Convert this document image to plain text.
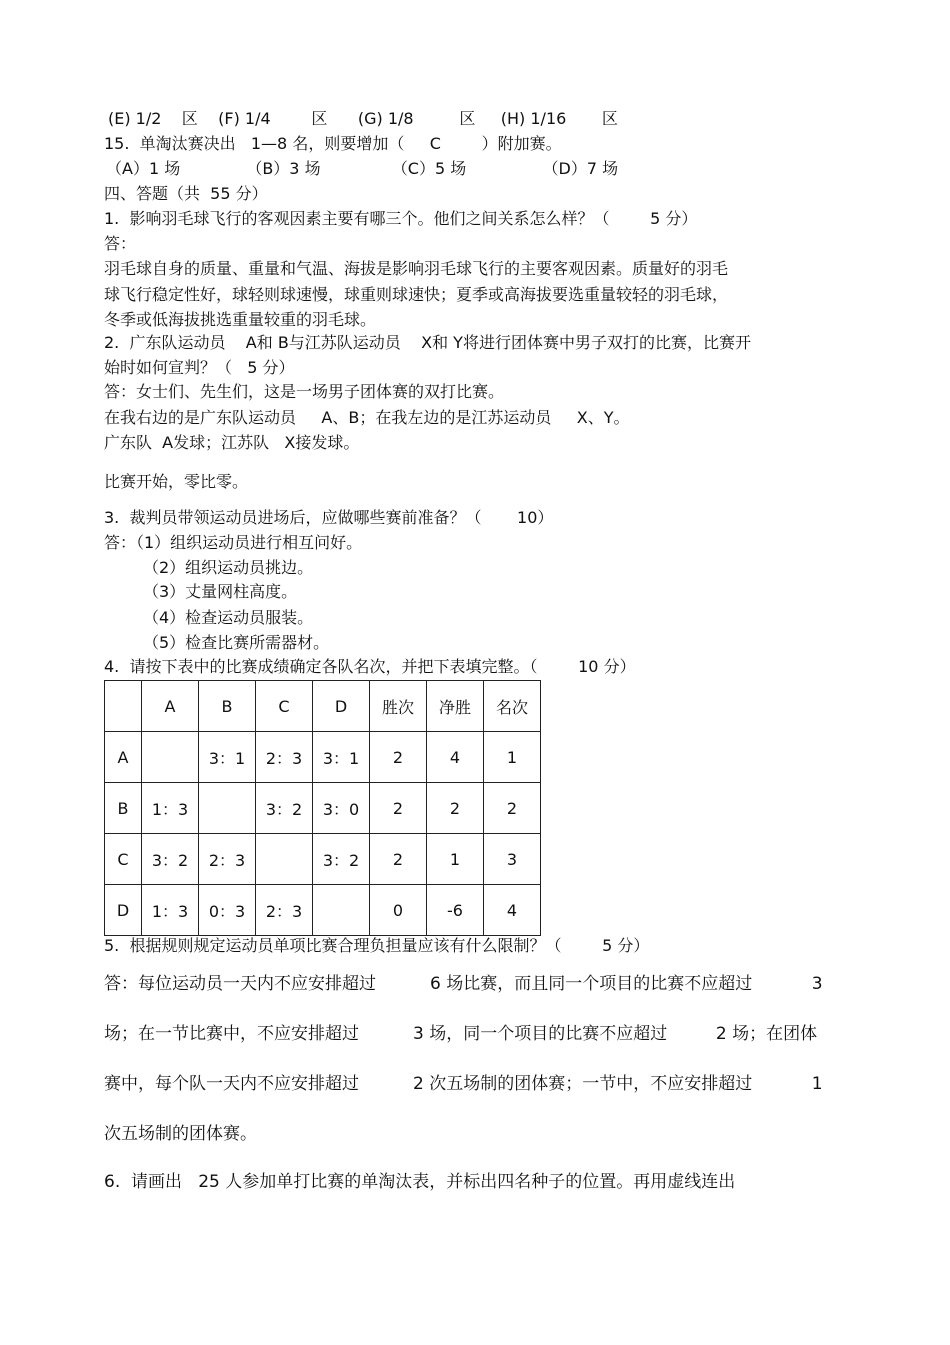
(E) 1/2    区    (F) 1/4        区      (G) 1/8         区     (H) 1/16       区
15.  单淘汰赛决出   1—8 名，则要增加（     C        ）附加赛。
（A）1 场             （B）3 场              （C）5 场               （D）7 场
四、答题（共  55 分）
1.  影响羽毛球飞行的客观因素主要有哪三个。他们之间关系怎么样？（        5 分）
答：
羽毛球自身的质量、重量和气温、海拔是影响羽毛球飞行的主要客观因素。质量好的羽毛
球飞行稳定性好，球轻则球速慢，球重则球速快；夏季或高海拔要选重量较轻的羽毛球，
冬季或低海拔挑选重量较重的羽毛球。
2.  广东队运动员    A和 B与江苏队运动员    X和 Y将进行团体赛中男子双打的比赛，比赛开
始时如何宣判？（   5 分）
答：女士们、先生们，这是一场男子团体赛的双打比赛。
在我右边的是广东队运动员     A、B；在我左边的是江苏运动员     X、Y。
广东队  A发球；江苏队   X接发球。
比赛开始，零比零。
3.  裁判员带领运动员进场后，应做哪些赛前准备？（       10）
答：（1）组织运动员进行相互问好。
（2）组织运动员挑边。
（3）丈量网柱高度。
（4）检查运动员服装。
（5）检查比赛所需器材。
4.  请按下表中的比赛成绩确定各队名次，并把下表填完整。（        10 分）
	A	B	C	D	胜次	净胜	名次
A		3：1	2：3	3：1	2	4	1
B	1：3		3：2	3：0	2	2	2
C	3：2	2：3		3：2	2	1	3
D	1：3	0：3	2：3		0	-6	4
5.  根据规则规定运动员单项比赛合理负担量应该有什么限制？（        5 分）
答：每位运动员一天内不应安排超过          6 场比赛，而且同一个项目的比赛不应超过           3
场；在一节比赛中，不应安排超过          3 场，同一个项目的比赛不应超过         2 场；在团体
赛中，每个队一天内不应安排超过          2 次五场制的团体赛；一节中，不应安排超过           1
次五场制的团体赛。
6.  请画出   25 人参加单打比赛的单淘汰表，并标出四名种子的位置。再用虚线连出
